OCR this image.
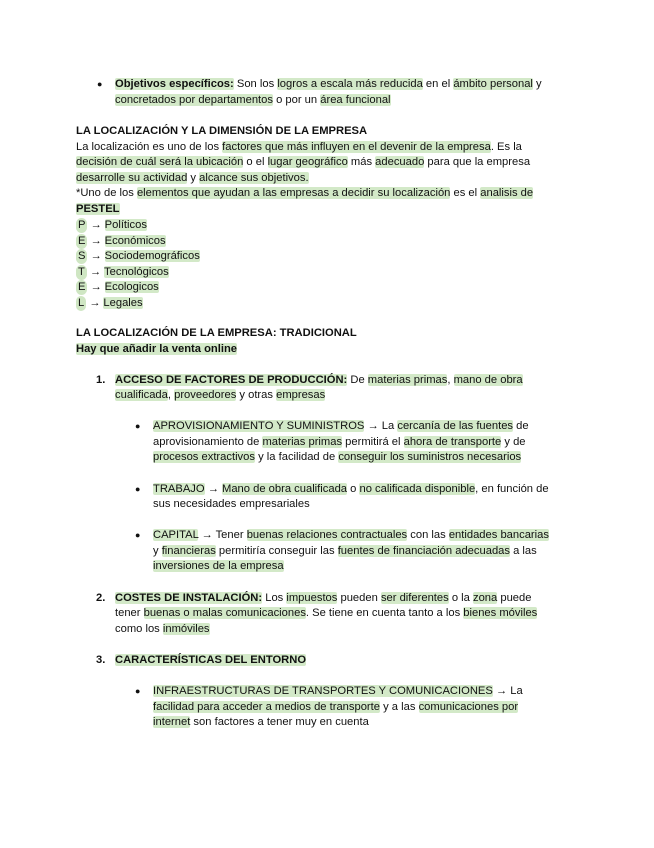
● Objetivos específicos: Son los logros a escala más reducida en el ámbito personal y
concretados por departamentos o por un área funcional
LA LOCALIZACIÓN Y LA DIMENSIÓN DE LA EMPRESA
La localización es uno de los factores que más influyen en el devenir de la empresa. Es la
decisión de cuál será la ubicación o el lugar geográfico más adecuado para que la empresa
desarrolle su actividad y alcance sus objetivos.
*Uno de los elementos que ayudan a las empresas a decidir su localización es el analisis de
PESTEL
P → Políticos
E → Económicos
S → Sociodemográficos
T → Tecnológicos
E → Ecologicos
L → Legales
LA LOCALIZACIÓN DE LA EMPRESA: TRADICIONAL
Hay que añadir la venta online
1. ACCESO DE FACTORES DE PRODUCCIÓN: De materias primas, mano de obra
cualificada, proveedores y otras empresas
● APROVISIONAMIENTO Y SUMINISTROS → La cercanía de las fuentes de
aprovisionamiento de materias primas permitirá el ahora de transporte y de
procesos extractivos y la facilidad de conseguir los suministros necesarios
● TRABAJO → Mano de obra cualificada o no calificada disponible, en función de
sus necesidades empresariales
● CAPITAL → Tener buenas relaciones contractuales con las entidades bancarias
y financieras permitiría conseguir las fuentes de financiación adecuadas a las
inversiones de la empresa
2. COSTES DE INSTALACIÓN: Los impuestos pueden ser diferentes o la zona puede
tener buenas o malas comunicaciones. Se tiene en cuenta tanto a los bienes móviles
como los inmóviles
3. CARACTERÍSTICAS DEL ENTORNO
● INFRAESTRUCTURAS DE TRANSPORTES Y COMUNICACIONES → La
facilidad para acceder a medios de transporte y a las comunicaciones por
internet son factores a tener muy en cuenta
